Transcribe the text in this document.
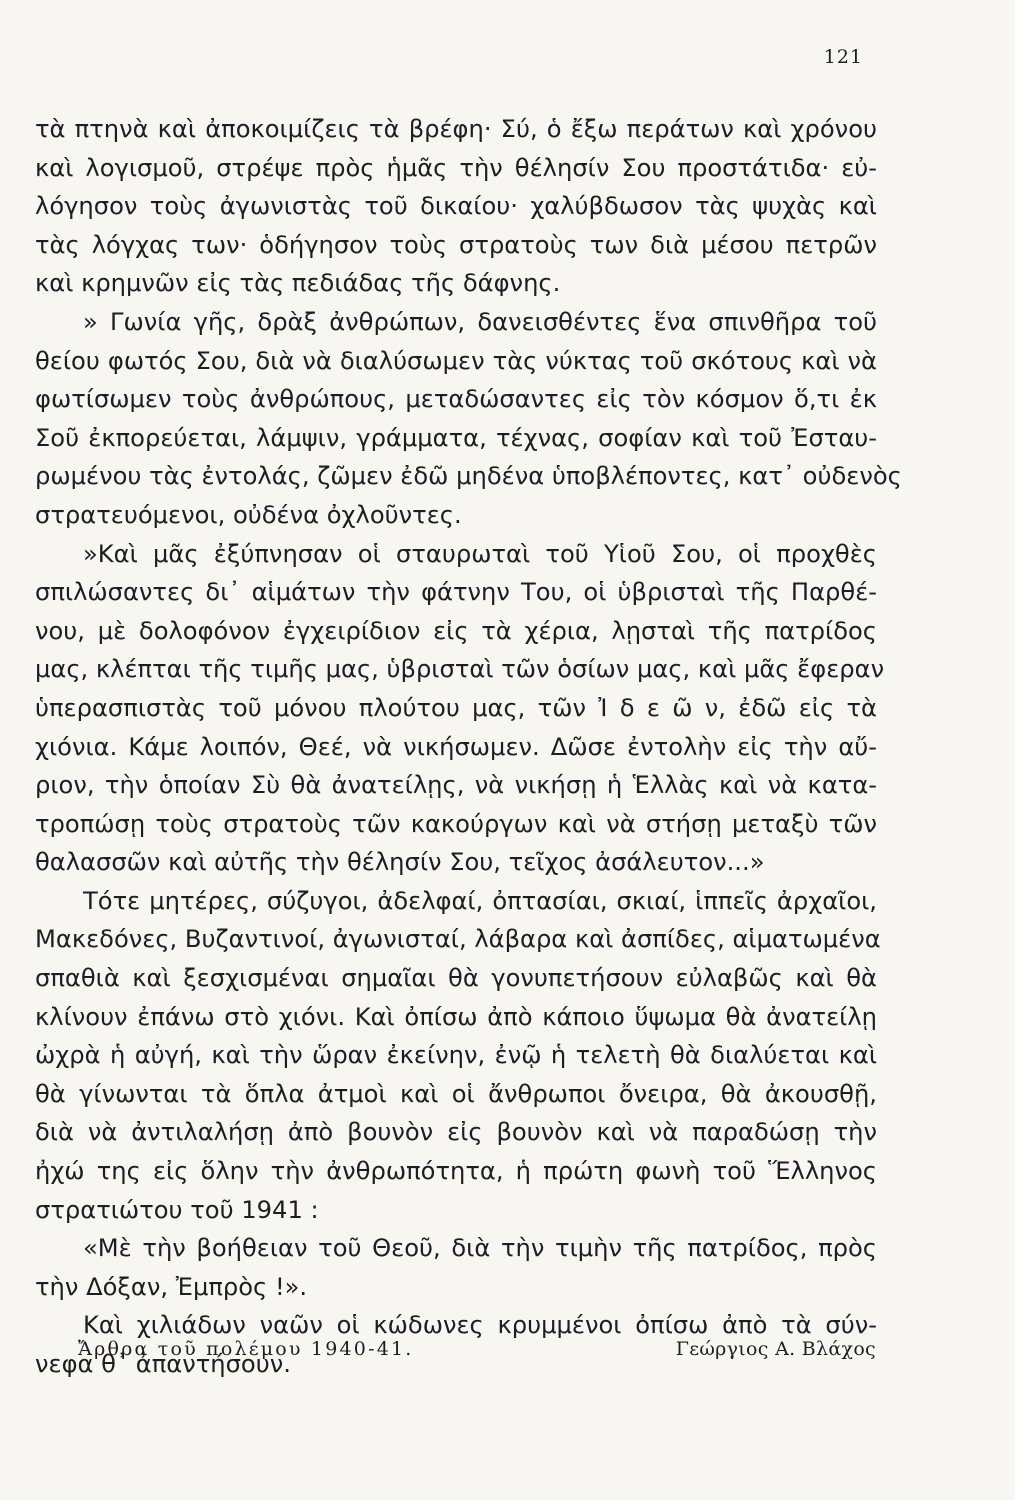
121
τὰ πτηνὰ καὶ ἀποκοιμίζεις τὰ βρέφη· Σύ, ὁ ἔξω περάτων καὶ χρόνου
καὶ λογισμοῦ, στρέψε πρὸς ἡμᾶς τὴν θέλησίν Σου προστάτιδα· εὐ-
λόγησον τοὺς ἀγωνιστὰς τοῦ δικαίου· χαλύβδωσον τὰς ψυχὰς καὶ
τὰς λόγχας των· ὁδήγησον τοὺς στρατοὺς των διὰ μέσου πετρῶν
καὶ κρημνῶν εἰς τὰς πεδιάδας τῆς δάφνης.
» Γωνία γῆς, δρὰξ ἀνθρώπων, δανεισθέντες ἕνα σπινθῆρα τοῦ
θείου φωτός Σου, διὰ νὰ διαλύσωμεν τὰς νύκτας τοῦ σκότους καὶ νὰ
φωτίσωμεν τοὺς ἀνθρώπους, μεταδώσαντες εἰς τὸν κόσμον ὅ,τι ἐκ
Σοῦ ἐκπορεύεται, λάμψιν, γράμματα, τέχνας, σοφίαν καὶ τοῦ Ἐσταυ-
ρωμένου τὰς ἐντολάς, ζῶμεν ἐδῶ μηδένα ὑποβλέποντες, κατ᾽ οὐδενὸς
στρατευόμενοι, οὐδένα ὀχλοῦντες.
»Καὶ μᾶς ἐξύπνησαν οἱ σταυρωταὶ τοῦ Υἱοῦ Σου, οἱ προχθὲς
σπιλώσαντες δι᾽ αἱμάτων τὴν φάτνην Του, οἱ ὑβρισταὶ τῆς Παρθέ-
νου, μὲ δολοφόνον ἐγχειρίδιον εἰς τὰ χέρια, λῃσταὶ τῆς πατρίδος
μας, κλέπται τῆς τιμῆς μας, ὑβρισταὶ τῶν ὁσίων μας, καὶ μᾶς ἔφεραν
ὑπερασπιστὰς τοῦ μόνου πλούτου μας, τῶν Ἰ δ ε ῶ ν, ἐδῶ εἰς τὰ
χιόνια. Κάμε λοιπόν, Θεέ, νὰ νικήσωμεν. Δῶσε ἐντολὴν εἰς τὴν αὔ-
ριον, τὴν ὁποίαν Σὺ θὰ ἀνατείλῃς, νὰ νικήσῃ ἡ Ἑλλὰς καὶ νὰ κατα-
τροπώσῃ τοὺς στρατοὺς τῶν κακούργων καὶ νὰ στήσῃ μεταξὺ τῶν
θαλασσῶν καὶ αὐτῆς τὴν θέλησίν Σου, τεῖχος ἀσάλευτον...»
Τότε μητέρες, σύζυγοι, ἀδελφαί, ὀπτασίαι, σκιαί, ἱππεῖς ἀρχαῖοι,
Μακεδόνες, Βυζαντινοί, ἀγωνισταί, λάβαρα καὶ ἀσπίδες, αἱματωμένα
σπαθιὰ καὶ ξεσχισμέναι σημαῖαι θὰ γονυπετήσουν εὐλαβῶς καὶ θὰ
κλίνουν ἐπάνω στὸ χιόνι. Καὶ ὀπίσω ἀπὸ κάποιο ὕψωμα θὰ ἀνατείλῃ
ὠχρὰ ἡ αὐγή, καὶ τὴν ὥραν ἐκείνην, ἐνῷ ἡ τελετὴ θὰ διαλύεται καὶ
θὰ γίνωνται τὰ ὅπλα ἀτμοὶ καὶ οἱ ἄνθρωποι ὄνειρα, θὰ ἀκουσθῇ,
διὰ νὰ ἀντιλαλήσῃ ἀπὸ βουνὸν εἰς βουνὸν καὶ νὰ παραδώσῃ τὴν
ἠχώ της εἰς ὅλην τὴν ἀνθρωπότητα, ἡ πρώτη φωνὴ τοῦ Ἕλληνος
στρατιώτου τοῦ 1941 :
«Μὲ τὴν βοήθειαν τοῦ Θεοῦ, διὰ τὴν τιμὴν τῆς πατρίδος, πρὸς
τὴν Δόξαν, Ἐμπρὸς !».
Καὶ χιλιάδων ναῶν οἱ κώδωνες κρυμμένοι ὀπίσω ἀπὸ τὰ σύν-
νεφα θ᾽ ἀπαντήσουν.
Ἄρθρα τοῦ πολέμου 1940-41.	Γεώργιος Α. Βλάχος
